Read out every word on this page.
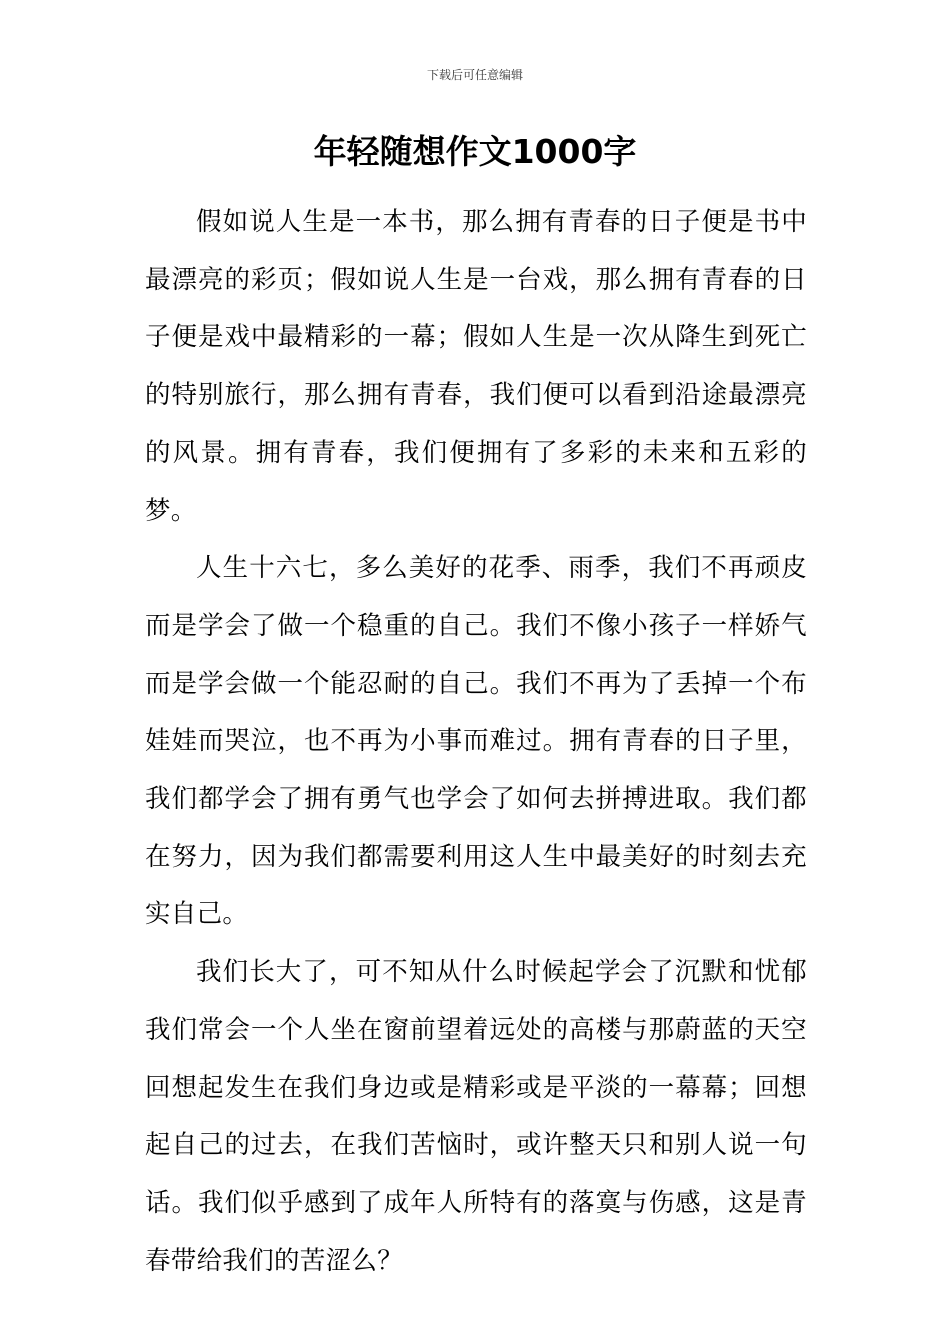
下载后可任意编辑
年轻随想作文1000字

假如说人生是一本书，那么拥有青春的日子便是书中最漂亮的彩页；假如说人生是一台戏，那么拥有青春的日子便是戏中最精彩的一幕；假如人生是一次从降生到死亡的特别旅行，那么拥有青春，我们便可以看到沿途最漂亮的风景。拥有青春，我们便拥有了多彩的未来和五彩的梦。

人生十六七，多么美好的花季、雨季，我们不再顽皮而是学会了做一个稳重的自己。我们不像小孩子一样娇气而是学会做一个能忍耐的自己。我们不再为了丢掉一个布娃娃而哭泣，也不再为小事而难过。拥有青春的日子里，我们都学会了拥有勇气也学会了如何去拼搏进取。我们都在努力，因为我们都需要利用这人生中最美好的时刻去充实自己。

我们长大了，可不知从什么时候起学会了沉默和忧郁我们常会一个人坐在窗前望着远处的高楼与那蔚蓝的天空回想起发生在我们身边或是精彩或是平淡的一幕幕；回想起自己的过去，在我们苦恼时，或许整天只和别人说一句话。我们似乎感到了成年人所特有的落寞与伤感，这是青春带给我们的苦涩么？
